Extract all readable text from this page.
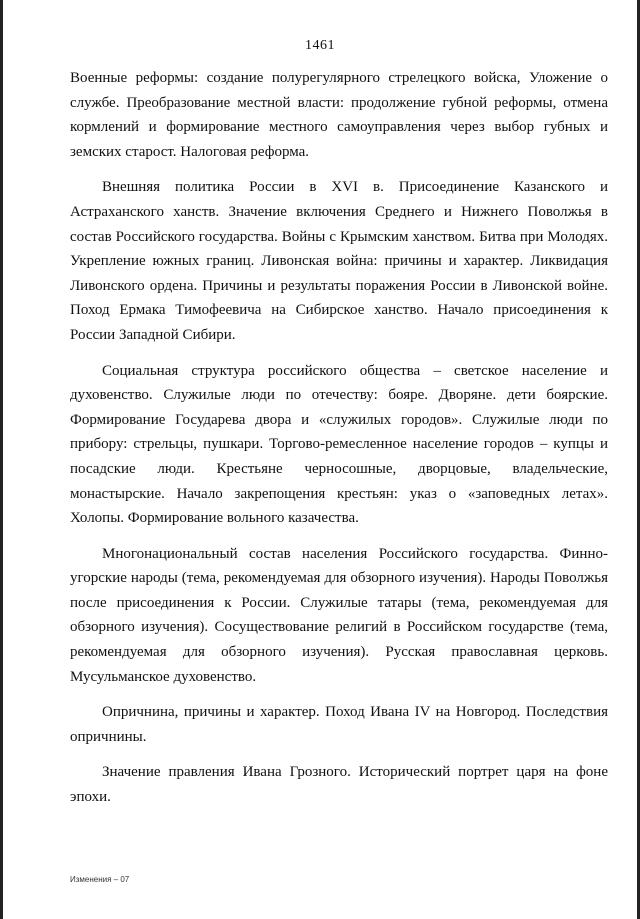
1461

Военные реформы: создание полурегулярного стрелецкого войска, Уложение о службе. Преобразование местной власти: продолжение губной реформы, отмена кормлений и формирование местного самоуправления через выбор губных и земских старост. Налоговая реформа.

Внешняя политика России в XVI в. Присоединение Казанского и Астраханского ханств. Значение включения Среднего и Нижнего Поволжья в состав Российского государства. Войны с Крымским ханством. Битва при Молодях. Укрепление южных границ. Ливонская война: причины и характер. Ликвидация Ливонского ордена. Причины и результаты поражения России в Ливонской войне. Поход Ермака Тимофеевича на Сибирское ханство. Начало присоединения к России Западной Сибири.

Социальная структура российского общества – светское население и духовенство. Служилые люди по отечеству: бояре. Дворяне. дети боярские. Формирование Государева двора и «служилых городов». Служилые люди по прибору: стрельцы, пушкари. Торгово-ремесленное население городов – купцы и посадские люди. Крестьяне черносошные, дворцовые, владельческие, монастырские. Начало закрепощения крестьян: указ о «заповедных летах». Холопы. Формирование вольного казачества.

Многонациональный состав населения Российского государства. Финно-угорские народы (тема, рекомендуемая для обзорного изучения). Народы Поволжья после присоединения к России. Служилые татары (тема, рекомендуемая для обзорного изучения). Сосуществование религий в Российском государстве (тема, рекомендуемая для обзорного изучения). Русская православная церковь. Мусульманское духовенство.

Опричнина, причины и характер. Поход Ивана IV на Новгород. Последствия опричнины.

Значение правления Ивана Грозного. Исторический портрет царя на фоне эпохи.

Изменения – 07
